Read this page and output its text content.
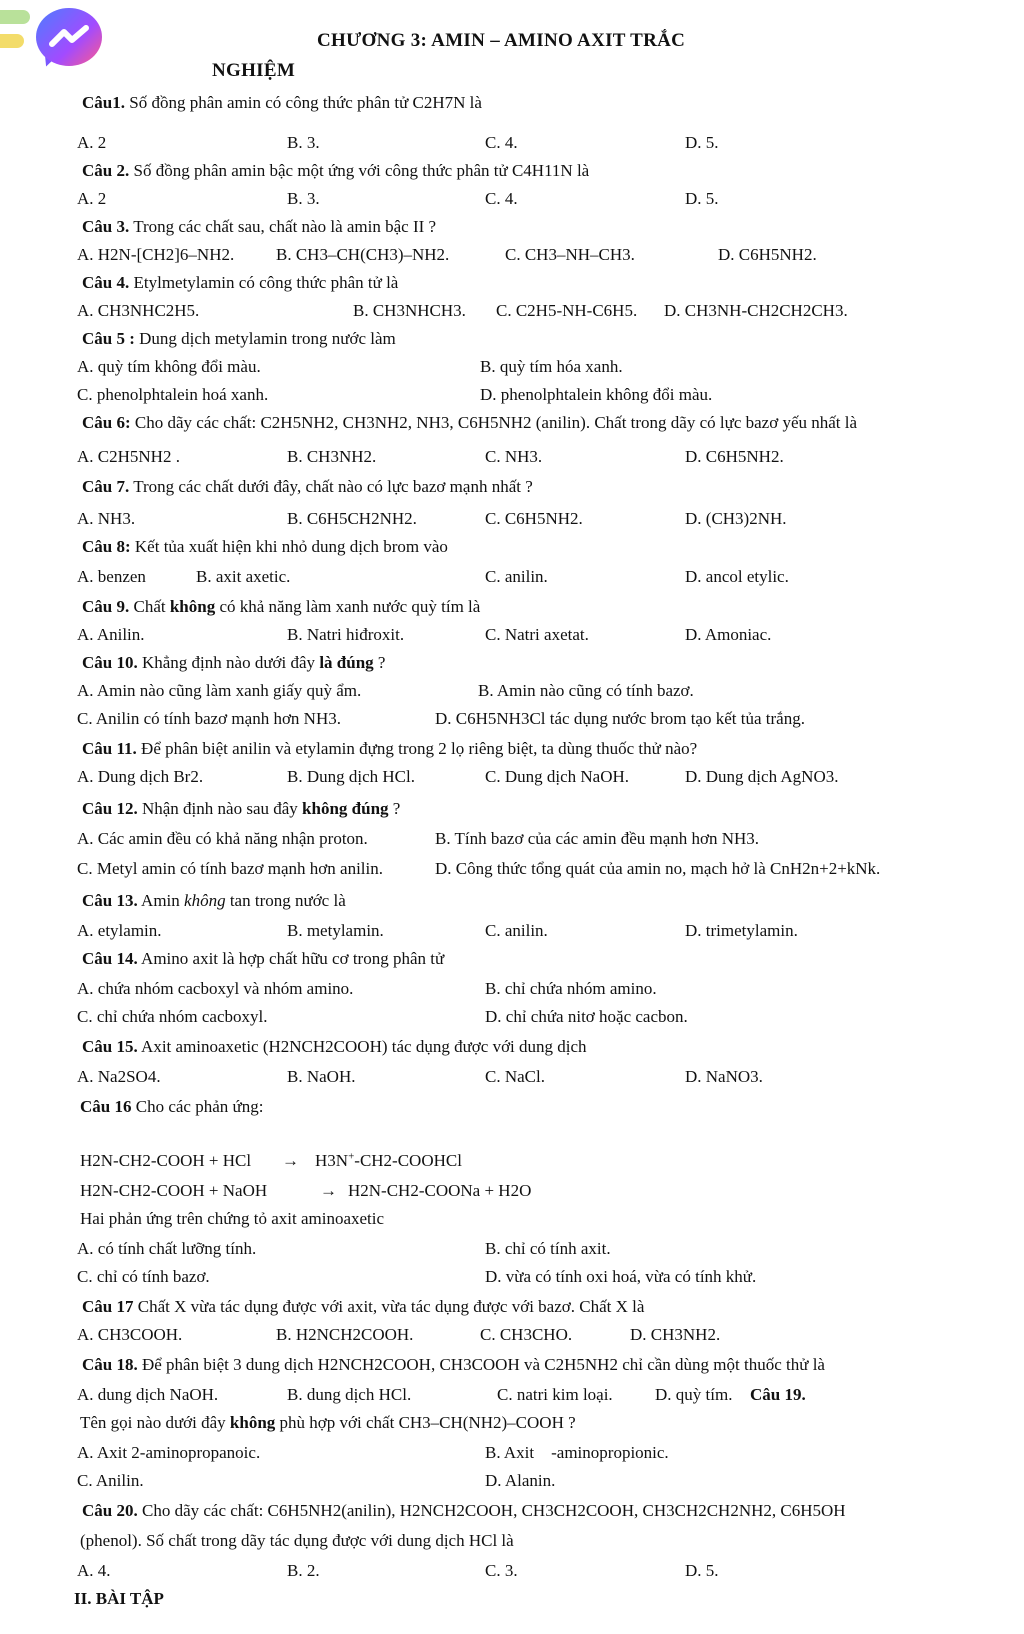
CHƯƠNG 3: AMIN – AMINO AXIT TRẮC
NGHIỆM
Câu1. Số đồng phân amin có công thức phân tử C2H7N là
A. 2	B. 3.	C. 4.	D. 5.
Câu 2. Số đồng phân amin bậc một ứng với công thức phân tử C4H11N là
A. 2	B. 3.	C. 4.	D. 5.
Câu 3. Trong các chất sau, chất nào là amin bậc II ?
A. H2N-[CH2]6–NH2. B. CH3–CH(CH3)–NH2.	C. CH3–NH–CH3.	D. C6H5NH2.
Câu 4. Etylmetylamin có công thức phân tử là
A. CH3NHC2H5.	B. CH3NHCH3. C. C2H5-NH-C6H5. D. CH3NH-CH2CH2CH3.
Câu 5 : Dung dịch metylamin trong nước làm
A. quỳ tím không đổi màu.	B. quỳ tím hóa xanh.
C. phenolphtalein hoá xanh.	D. phenolphtalein không đổi màu.
Câu 6: Cho dãy các chất: C2H5NH2, CH3NH2, NH3, C6H5NH2 (anilin). Chất trong dãy có lực bazơ yếu nhất là
A. C2H5NH2 .	B. CH3NH2.	C. NH3.	D. C6H5NH2.
Câu 7. Trong các chất dưới đây, chất nào có lực bazơ mạnh nhất ?
A. NH3.	B. C6H5CH2NH2.	C. C6H5NH2.	D. (CH3)2NH.
Câu 8: Kết tủa xuất hiện khi nhỏ dung dịch brom vào
A. benzen	B. axit axetic.	C. anilin.	D. ancol etylic.
Câu 9. Chất không có khả năng làm xanh nước quỳ tím là
A. Anilin.	B. Natri hiđroxit.	C. Natri axetat.	D. Amoniac.
Câu 10. Khẳng định nào dưới đây là đúng ?
A. Amin nào cũng làm xanh giấy quỳ ẩm.	B. Amin nào cũng có tính bazơ.
C. Anilin có tính bazơ mạnh hơn NH3.	D. C6H5NH3Cl tác dụng nước brom tạo kết tủa trắng.
Câu 11. Để phân biệt anilin và etylamin đựng trong 2 lọ riêng biệt, ta dùng thuốc thử nào?
A. Dung dịch Br2.	B. Dung dịch HCl.	C. Dung dịch NaOH.	D. Dung dịch AgNO3.
Câu 12. Nhận định nào sau đây không đúng ?
A. Các amin đều có khả năng nhận proton.	B. Tính bazơ của các amin đều mạnh hơn NH3.
C. Metyl amin có tính bazơ mạnh hơn anilin.	D. Công thức tổng quát của amin no, mạch hở là CnH2n+2+kNk.
Câu 13. Amin không tan trong nước là
A. etylamin.	B. metylamin.	C. anilin.	D. trimetylamin.
Câu 14. Amino axit là hợp chất hữu cơ trong phân tử
A. chứa nhóm cacboxyl và nhóm amino.	B. chỉ chứa nhóm amino.
C. chỉ chứa nhóm cacboxyl.	D. chỉ chứa nitơ hoặc cacbon.
Câu 15. Axit aminoaxetic (H2NCH2COOH) tác dụng được với dung dịch
A. Na2SO4.	B. NaOH.	C. NaCl.	D. NaNO3.
Câu 16 Cho các phản ứng:
H2N-CH2-COOH + HCl → H3N+-CH2-COOHCl
H2N-CH2-COOH + NaOH	→ H2N-CH2-COONa + H2O
Hai phản ứng trên chứng tỏ axit aminoaxetic
A. có tính chất lưỡng tính.	B. chỉ có tính axit.
C. chỉ có tính bazơ.	D. vừa có tính oxi hoá, vừa có tính khử.
Câu 17 Chất X vừa tác dụng được với axit, vừa tác dụng được với bazơ. Chất X là
A. CH3COOH.	B. H2NCH2COOH.	C. CH3CHO.	D. CH3NH2.
Câu 18. Để phân biệt 3 dung dịch H2NCH2COOH, CH3COOH và C2H5NH2 chỉ cần dùng một thuốc thử là
A. dung dịch NaOH.	B. dung dịch HCl.	C. natri kim loại. D. quỳ tím. Câu 19.
Tên gọi nào dưới đây không phù hợp với chất CH3–CH(NH2)–COOH ?
A. Axit 2-aminopropanoic.	B. Axit    -aminopropionic.
C. Anilin.	D. Alanin.
Câu 20. Cho dãy các chất: C6H5NH2(anilin), H2NCH2COOH, CH3CH2COOH, CH3CH2CH2NH2, C6H5OH
(phenol). Số chất trong dãy tác dụng được với dung dịch HCl là
A. 4.	B. 2.	C. 3.	D. 5.
II. BÀI TẬP
